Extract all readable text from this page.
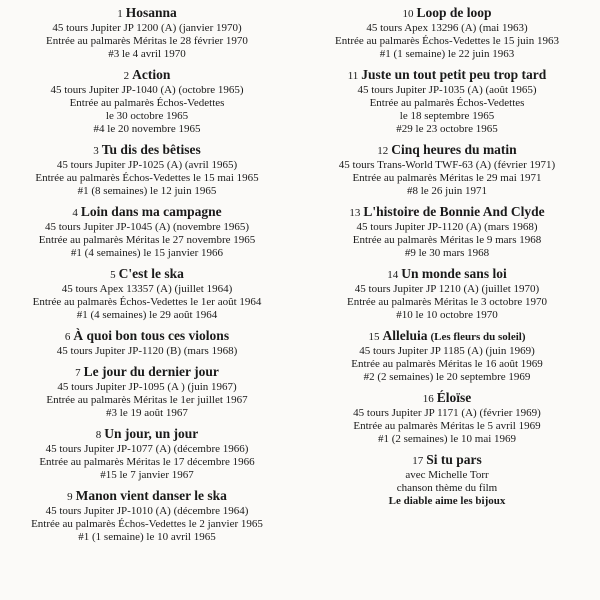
1 Hosanna
45 tours Jupiter JP 1200 (A) (janvier 1970)
Entrée au palmarès Méritas le 28 février 1970
#3 le 4 avril 1970
2 Action
45 tours Jupiter JP-1040 (A) (octobre 1965)
Entrée au palmarès Échos-Vedettes
le 30 octobre 1965
#4 le 20 novembre 1965
3 Tu dis des bêtises
45 tours Jupiter JP-1025 (A) (avril 1965)
Entrée au palmarès Échos-Vedettes le 15 mai 1965
#1 (8 semaines) le 12 juin 1965
4 Loin dans ma campagne
45 tours Jupiter JP-1045 (A) (novembre 1965)
Entrée au palmarès Méritas le 27 novembre 1965
#1 (4 semaines) le 15 janvier 1966
5 C'est le ska
45 tours Apex 13357 (A) (juillet 1964)
Entrée au palmarès Échos-Vedettes le 1er août 1964
#1 (4 semaines) le 29 août 1964
6 À quoi bon tous ces violons
45 tours Jupiter JP-1120 (B) (mars 1968)
7 Le jour du dernier jour
45 tours Jupiter JP-1095 (A ) (juin 1967)
Entrée au palmarès Méritas le 1er juillet 1967
#3 le 19 août 1967
8 Un jour, un jour
45 tours Jupiter JP-1077 (A) (décembre 1966)
Entrée au palmarès Méritas le 17 décembre 1966
#15 le 7 janvier 1967
9 Manon vient danser le ska
45 tours Jupiter JP-1010 (A) (décembre 1964)
Entrée au palmarès Échos-Vedettes le 2 janvier 1965
#1 (1 semaine) le 10 avril 1965
10 Loop de loop
45 tours Apex 13296 (A) (mai 1963)
Entrée au palmarès Échos-Vedettes le 15 juin 1963
#1 (1 semaine) le 22 juin 1963
11 Juste un tout petit peu trop tard
45 tours Jupiter JP-1035 (A) (août 1965)
Entrée au palmarès Échos-Vedettes
le 18 septembre 1965
#29 le 23 octobre 1965
12 Cinq heures du matin
45 tours Trans-World TWF-63 (A) (février 1971)
Entrée au palmarès Méritas le 29 mai 1971
#8 le 26 juin 1971
13 L'histoire de Bonnie And Clyde
45 tours Jupiter JP-1120 (A) (mars 1968)
Entrée au palmarès Méritas le 9 mars 1968
#9 le 30 mars 1968
14 Un monde sans loi
45 tours Jupiter JP 1210 (A) (juillet 1970)
Entrée au palmarès Méritas le 3 octobre 1970
#10 le 10 octobre 1970
15 Alleluia (Les fleurs du soleil)
45 tours Jupiter JP 1185 (A) (juin 1969)
Entrée au palmarès Méritas le 16 août 1969
#2 (2 semaines) le 20 septembre 1969
16 Éloïse
45 tours Jupiter JP 1171 (A) (février 1969)
Entrée au palmarès Méritas le 5 avril 1969
#1 (2 semaines) le 10 mai 1969
17 Si tu pars
avec Michelle Torr
chanson thème du film
Le diable aime les bijoux
